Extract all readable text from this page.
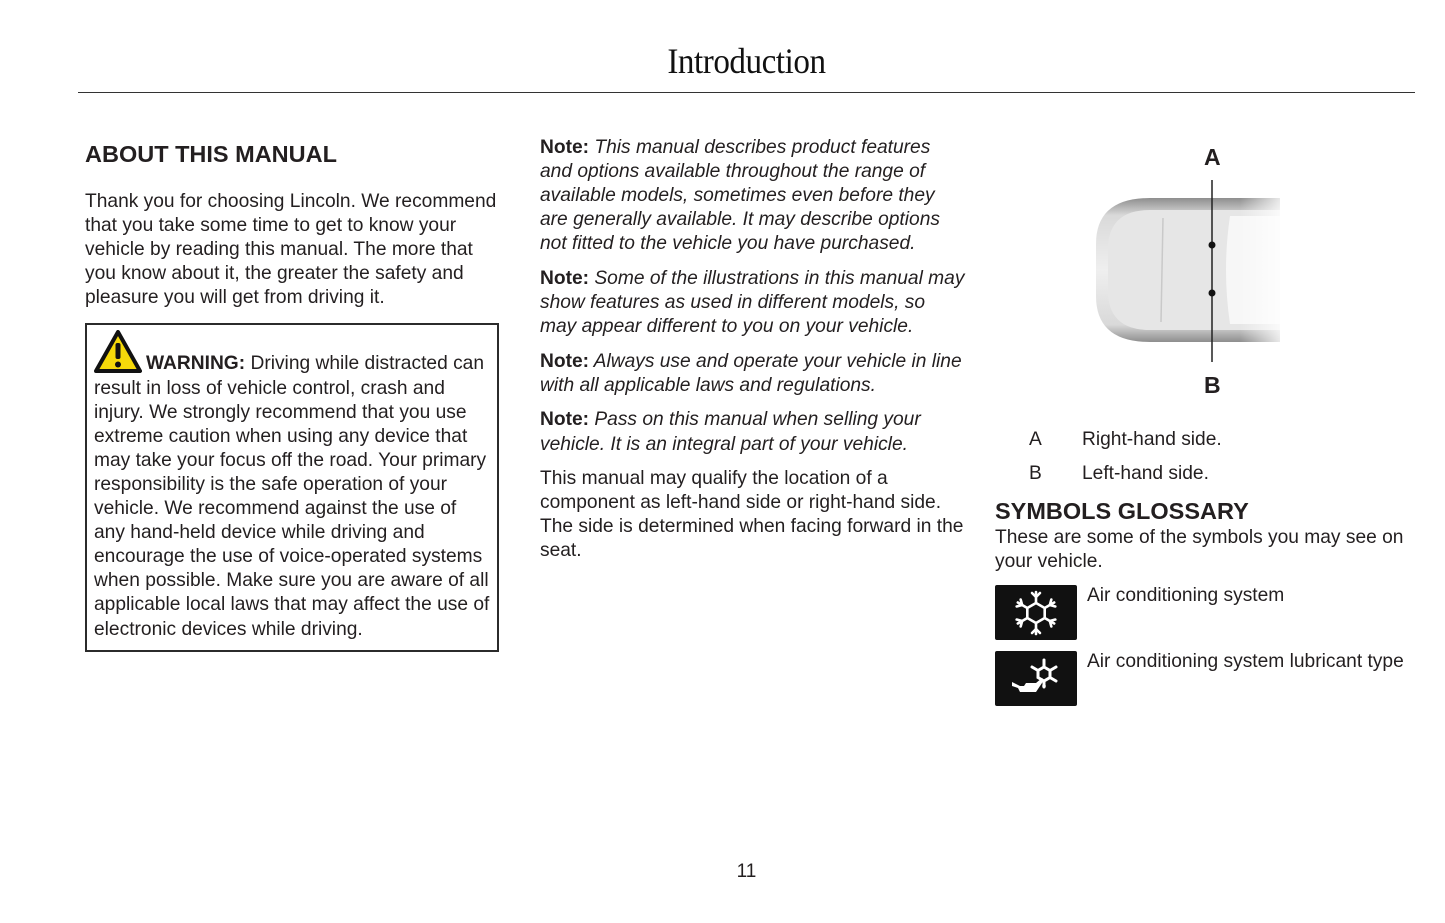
Introduction
ABOUT THIS MANUAL

Thank you for choosing Lincoln. We recommend that you take some time to get to know your vehicle by reading this manual. The more that you know about it, the greater the safety and pleasure you will get from driving it.

WARNING: Driving while distracted can result in loss of vehicle control, crash and injury. We strongly recommend that you use extreme caution when using any device that may take your focus off the road. Your primary responsibility is the safe operation of your vehicle. We recommend against the use of any hand-held device while driving and encourage the use of voice-operated systems when possible. Make sure you are aware of all applicable local laws that may affect the use of electronic devices while driving.

Note: This manual describes product features and options available throughout the range of available models, sometimes even before they are generally available. It may describe options not fitted to the vehicle you have purchased.

Note: Some of the illustrations in this manual may show features as used in different models, so may appear different to you on your vehicle.

Note: Always use and operate your vehicle in line with all applicable laws and regulations.

Note: Pass on this manual when selling your vehicle. It is an integral part of your vehicle.

This manual may qualify the location of a component as left-hand side or right-hand side. The side is determined when facing forward in the seat.

A
B
A	Right-hand side.
B	Left-hand side.
SYMBOLS GLOSSARY

These are some of the symbols you may see on your vehicle.

Air conditioning system
Air conditioning system lubricant type
11
